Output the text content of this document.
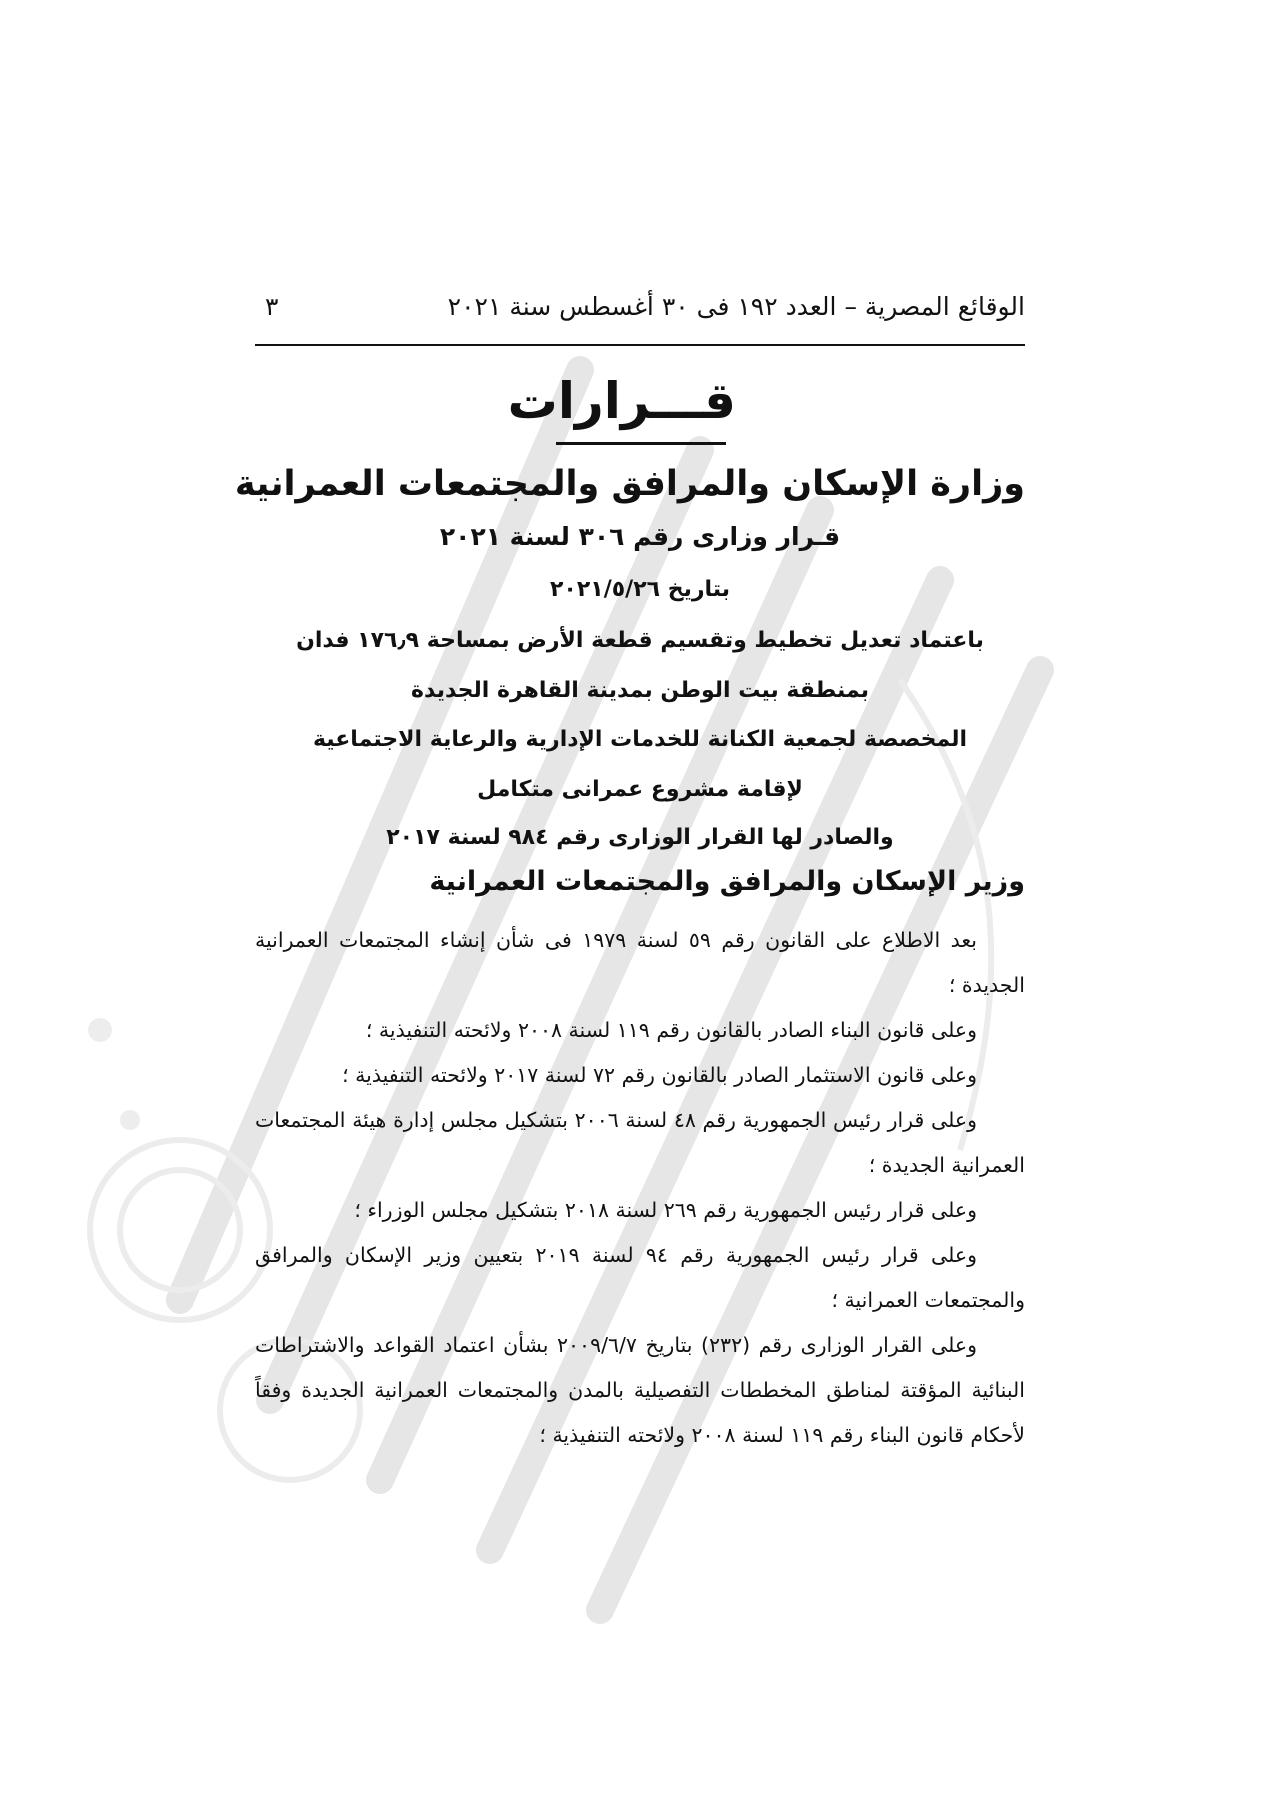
الوقائع المصرية – العدد ١٩٢ فى ٣٠ أغسطس سنة ٢٠٢١
٣
قـــرارات
وزارة الإسكان والمرافق والمجتمعات العمرانية
قـرار وزارى رقم ٣٠٦ لسنة ٢٠٢١
بتاريخ ٢٠٢١/٥/٢٦
باعتماد تعديل تخطيط وتقسيم قطعة الأرض بمساحة ١٧٦٫٩ فدان
بمنطقة بيت الوطن بمدينة القاهرة الجديدة
المخصصة لجمعية الكنانة للخدمات الإدارية والرعاية الاجتماعية
لإقامة مشروع عمرانى متكامل
والصادر لها القرار الوزارى رقم ٩٨٤ لسنة ٢٠١٧
وزير الإسكان والمرافق والمجتمعات العمرانية

بعد الاطلاع على القانون رقم ٥٩ لسنة ١٩٧٩ فى شأن إنشاء المجتمعات العمرانية الجديدة ؛

وعلى قانون البناء الصادر بالقانون رقم ١١٩ لسنة ٢٠٠٨ ولائحته التنفيذية ؛

وعلى قانون الاستثمار الصادر بالقانون رقم ٧٢ لسنة ٢٠١٧ ولائحته التنفيذية ؛

وعلى قرار رئيس الجمهورية رقم ٤٨ لسنة ٢٠٠٦ بتشكيل مجلس إدارة هيئة المجتمعات العمرانية الجديدة ؛

وعلى قرار رئيس الجمهورية رقم ٢٦٩ لسنة ٢٠١٨ بتشكيل مجلس الوزراء ؛

وعلى قرار رئيس الجمهورية رقم ٩٤ لسنة ٢٠١٩ بتعيين وزير الإسكان والمرافق والمجتمعات العمرانية ؛

وعلى القرار الوزارى رقم (٢٣٢) بتاريخ ٢٠٠٩/٦/٧ بشأن اعتماد القواعد والاشتراطات البنائية المؤقتة لمناطق المخططات التفصيلية بالمدن والمجتمعات العمرانية الجديدة وفقاً لأحكام قانون البناء رقم ١١٩ لسنة ٢٠٠٨ ولائحته التنفيذية ؛
